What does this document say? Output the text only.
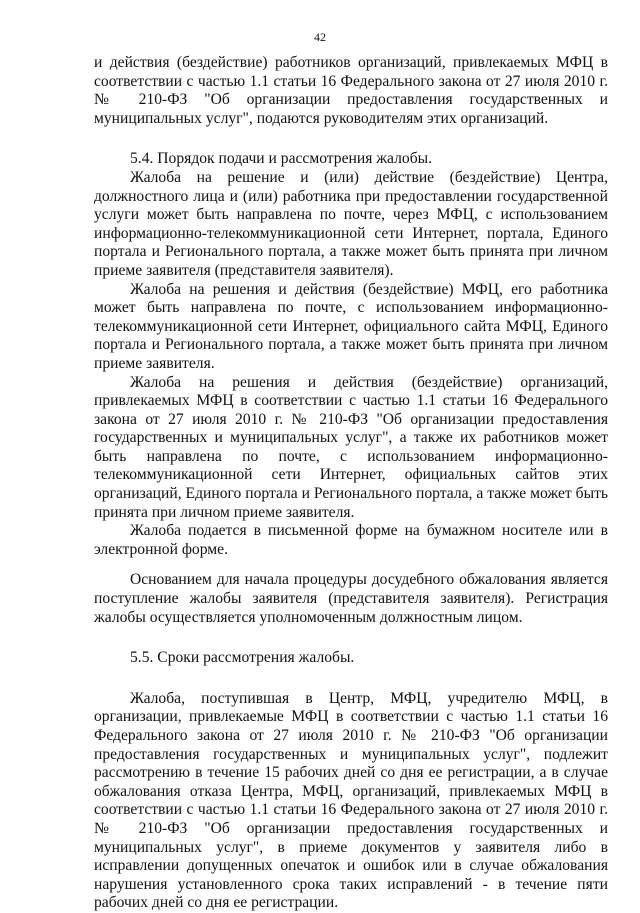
42

и действия (бездействие) работников организаций, привлекаемых МФЦ в соответствии с частью 1.1 статьи 16 Федерального закона от 27 июля 2010 г. № 210-ФЗ "Об организации предоставления государственных и муниципальных услуг", подаются руководителям этих организаций.

5.4. Порядок подачи и рассмотрения жалобы.

Жалоба на решение и (или) действие (бездействие) Центра, должностного лица и (или) работника при предоставлении государственной услуги может быть направлена по почте, через МФЦ, с использованием информационно-телекоммуникационной сети Интернет, портала, Единого портала и Регионального портала, а также может быть принята при личном приеме заявителя (представителя заявителя).

Жалоба на решения и действия (бездействие) МФЦ, его работника может быть направлена по почте, с использованием информационно-телекоммуникационной сети Интернет, официального сайта МФЦ, Единого портала и Регионального портала, а также может быть принята при личном приеме заявителя.

Жалоба на решения и действия (бездействие) организаций, привлекаемых МФЦ в соответствии с частью 1.1 статьи 16 Федерального закона от 27 июля 2010 г. № 210-ФЗ "Об организации предоставления государственных и муниципальных услуг", а также их работников может быть направлена по почте, с использованием информационно-телекоммуникационной сети Интернет, официальных сайтов этих организаций, Единого портала и Регионального портала, а также может быть принята при личном приеме заявителя.

Жалоба подается в письменной форме на бумажном носителе или в электронной форме.

Основанием для начала процедуры досудебного обжалования является поступление жалобы заявителя (представителя заявителя). Регистрация жалобы осуществляется уполномоченным должностным лицом.

5.5. Сроки рассмотрения жалобы.

Жалоба, поступившая в Центр, МФЦ, учредителю МФЦ, в организации, привлекаемые МФЦ в соответствии с частью 1.1 статьи 16 Федерального закона от 27 июля 2010 г. № 210-ФЗ "Об организации предоставления государственных и муниципальных услуг", подлежит рассмотрению в течение 15 рабочих дней со дня ее регистрации, а в случае обжалования отказа Центра, МФЦ, организаций, привлекаемых МФЦ в соответствии с частью 1.1 статьи 16 Федерального закона от 27 июля 2010 г. № 210-ФЗ "Об организации предоставления государственных и муниципальных услуг", в приеме документов у заявителя либо в исправлении допущенных опечаток и ошибок или в случае обжалования нарушения установленного срока таких исправлений - в течение пяти рабочих дней со дня ее регистрации.
